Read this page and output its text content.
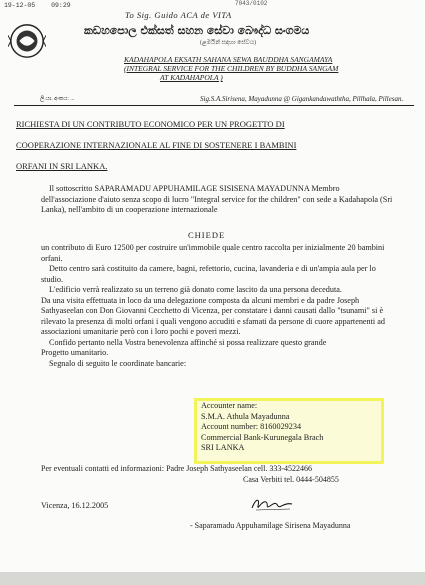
19-12-05 09:29	7043/0102
To Sig. Guido ACA de VITA
කඩහපොල එක්සත් සහන සේවා බෞද්ධ සංගමය
(ළමයින් සඳහා සේවය)
KADAHAPOLA EKSATH SAHANA SEWA BAUDDHA SANGAMAYA
(INTEGRAL SERVICE FOR THE CHILDREN BY BUDDHA SANGAM
AT KADAHAPOLA )
ලි.යා. අංකය: ...	Sig.S.A.Sirisena, Mayadunna @ Gigankandawaththa, Pillhala, Pillesan.
RICHIESTA DI UN CONTRIBUTO ECONOMICO PER UN PROGETTO DI
COOPERAZIONE INTERNAZIONALE AL FINE DI SOSTENERE I BAMBINI
ORFANI IN SRI LANKA.

Il sottoscritto SAPARAMADU APPUHAMILAGE SISISENA MAYADUNNA Membro dell'associazione d'aiuto senza scopo di lucro "Integral service for the children" con sede a Kadahapola (Sri Lanka), nell'ambito di un cooperazione internazionale

CHIEDE

un contributo di Euro 12500 per costruire un'immobile quale centro raccolta per inizialmente 20 bambini orfani.

Detto centro sarà costituito da camere, bagni, refettorio, cucina, lavanderia e di un'ampia aula per lo studio.

L'edificio verrà realizzato su un terreno già donato come lascito da una persona deceduta.

Da una visita effettuata in loco da una delegazione composta da alcuni membri e da padre Joseph Sathyaseelan con Don Giovanni Cecchetto di Vicenza, per constatare i danni causati dallo "tsunami" si è rilevato la presenza di molti orfani i quali vengono accuditi e sfamati da persone di cuore appartenenti ad associazioni umanitarie però con i loro pochi e poveri mezzi.

Confido pertanto nella Vostra benevolenza affinché si possa realizzare questo grande

Progetto umanitario.

Segnalo di seguito le coordinate bancarie:

Accounter name:
S.M.A. Athula Mayadunna
Account number: 8160029234
Commercial Bank-Kurunegala Brach
SRI LANKA
Per eventuali contatti ed informazioni: Padre Joseph Sathyaseelan cell. 333-4522466
Casa Verbiti tel. 0444-504855
Vicenza, 16.12.2005
- Saparamadu Appuhamilage Sirisena Mayadunna
